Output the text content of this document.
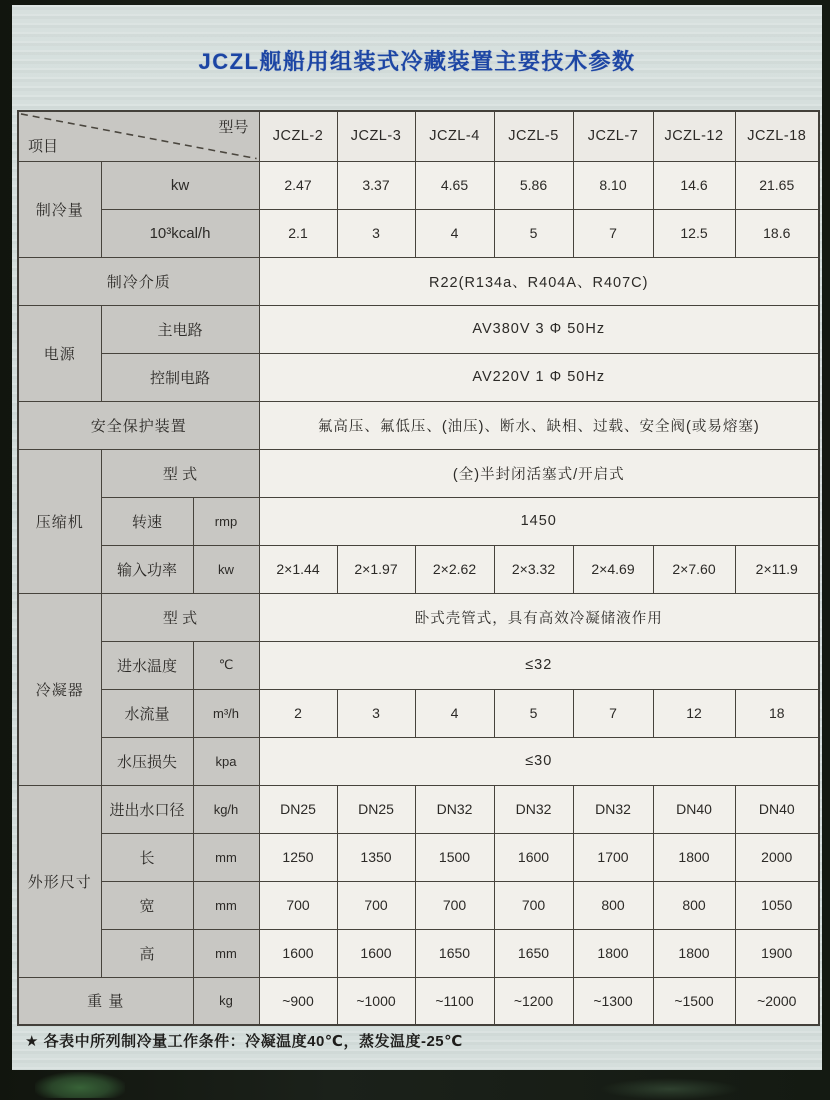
JCZL舰船用组装式冷藏装置主要技术参数
型号
项目			JCZL-2	JCZL-3	JCZL-4	JCZL-5	JCZL-7	JCZL-12	JCZL-18
制冷量	kw		2.47	3.37	4.65	5.86	8.10	14.6	21.65
	10³kcal/h		2.1	3	4	5	7	12.5	18.6
制冷介质			R22(R134a、R404A、R407C)						
电源	主电路		AV380V 3 Φ 50Hz						
	控制电路		AV220V 1 Φ 50Hz						
安全保护装置			氟高压、氟低压、(油压)、断水、缺相、过载、安全阀(或易熔塞)						
压缩机	型 式		(全)半封闭活塞式/开启式						
	转速	rmp	1450						
	输入功率	kw	2×1.44	2×1.97	2×2.62	2×3.32	2×4.69	2×7.60	2×11.9
冷凝器	型 式		卧式壳管式，具有高效冷凝储液作用						
	进水温度	℃	≤32						
	水流量	m³/h	2	3	4	5	7	12	18
	水压损失	kpa	≤30						
外形尺寸	进出水口径	kg/h	DN25	DN25	DN32	DN32	DN32	DN40	DN40
	长	mm	1250	1350	1500	1600	1700	1800	2000
	宽	mm	700	700	700	700	800	800	1050
	高	mm	1600	1600	1650	1650	1800	1800	1900
重 量		kg	~900	~1000	~1100	~1200	~1300	~1500	~2000

★ 各表中所列制冷量工作条件：冷凝温度40℃，蒸发温度-25℃
